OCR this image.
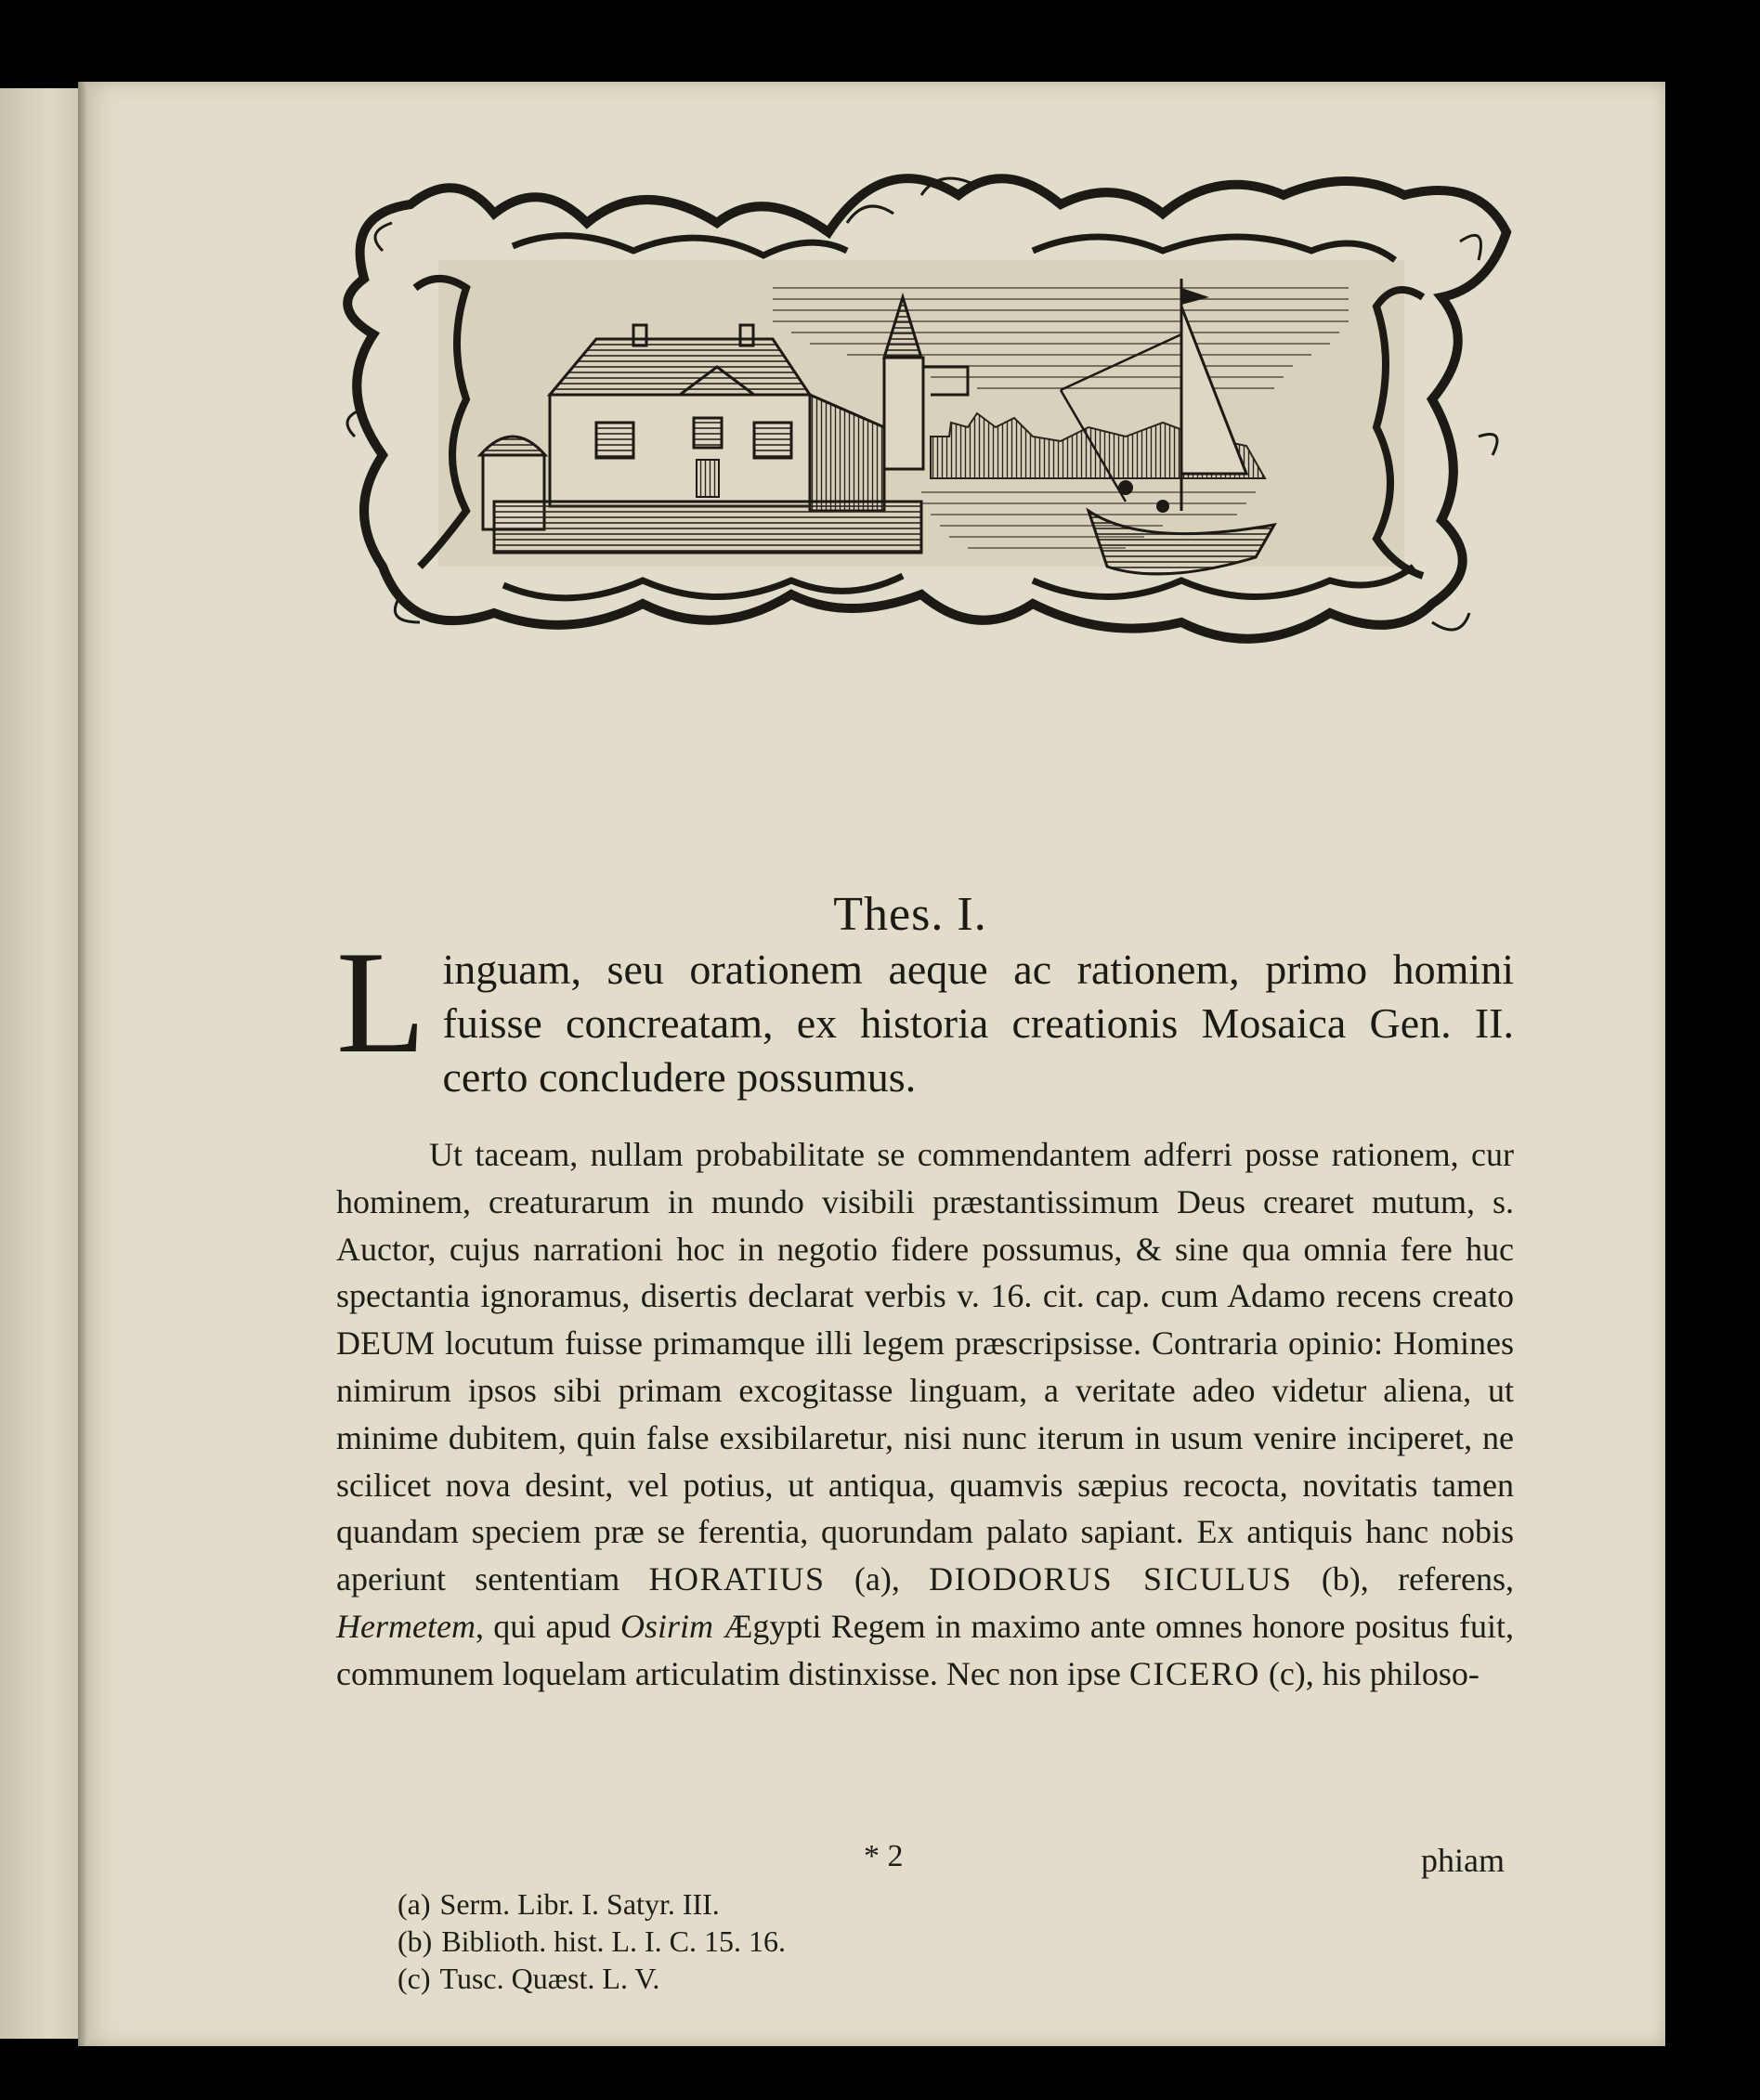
Thes. I.
L inguam, seu orationem aeque ac rationem, primo homini fuisse concreatam, ex historia creationis Mosaica Gen. II. certo concludere possumus.

Ut taceam, nullam probabilitate se commendantem adferri posse rationem, cur hominem, creaturarum in mundo visibili præstantissimum Deus crearet mutum, s. Auctor, cujus narrationi hoc in negotio fidere possumus, & sine qua omnia fere huc spectantia ignoramus, disertis declarat verbis v. 16. cit. cap. cum Adamo recens creato DEUM locutum fuisse primamque illi legem præscripsisse. Contraria opinio: Homines nimirum ipsos sibi primam excogitasse linguam, a veritate adeo videtur aliena, ut minime dubitem, quin false exsibilaretur, nisi nunc iterum in usum venire inciperet, ne scilicet nova desint, vel potius, ut antiqua, quamvis sæpius recocta, novitatis tamen quandam speciem præ se ferentia, quorundam palato sapiant. Ex antiquis hanc nobis aperiunt sententiam HORATIUS (a), DIODORUS SICULUS (b), referens, Hermetem, qui apud Osirim Ægypti Regem in maximo ante omnes honore positus fuit, communem loquelam articulatim distinxisse. Nec non ipse CICERO (c), his philoso-

* 2	phiam
(a) Serm. Libr. I. Satyr. III.
(b) Biblioth. hist. L. I. C. 15. 16.
(c) Tusc. Quæst. L. V.
